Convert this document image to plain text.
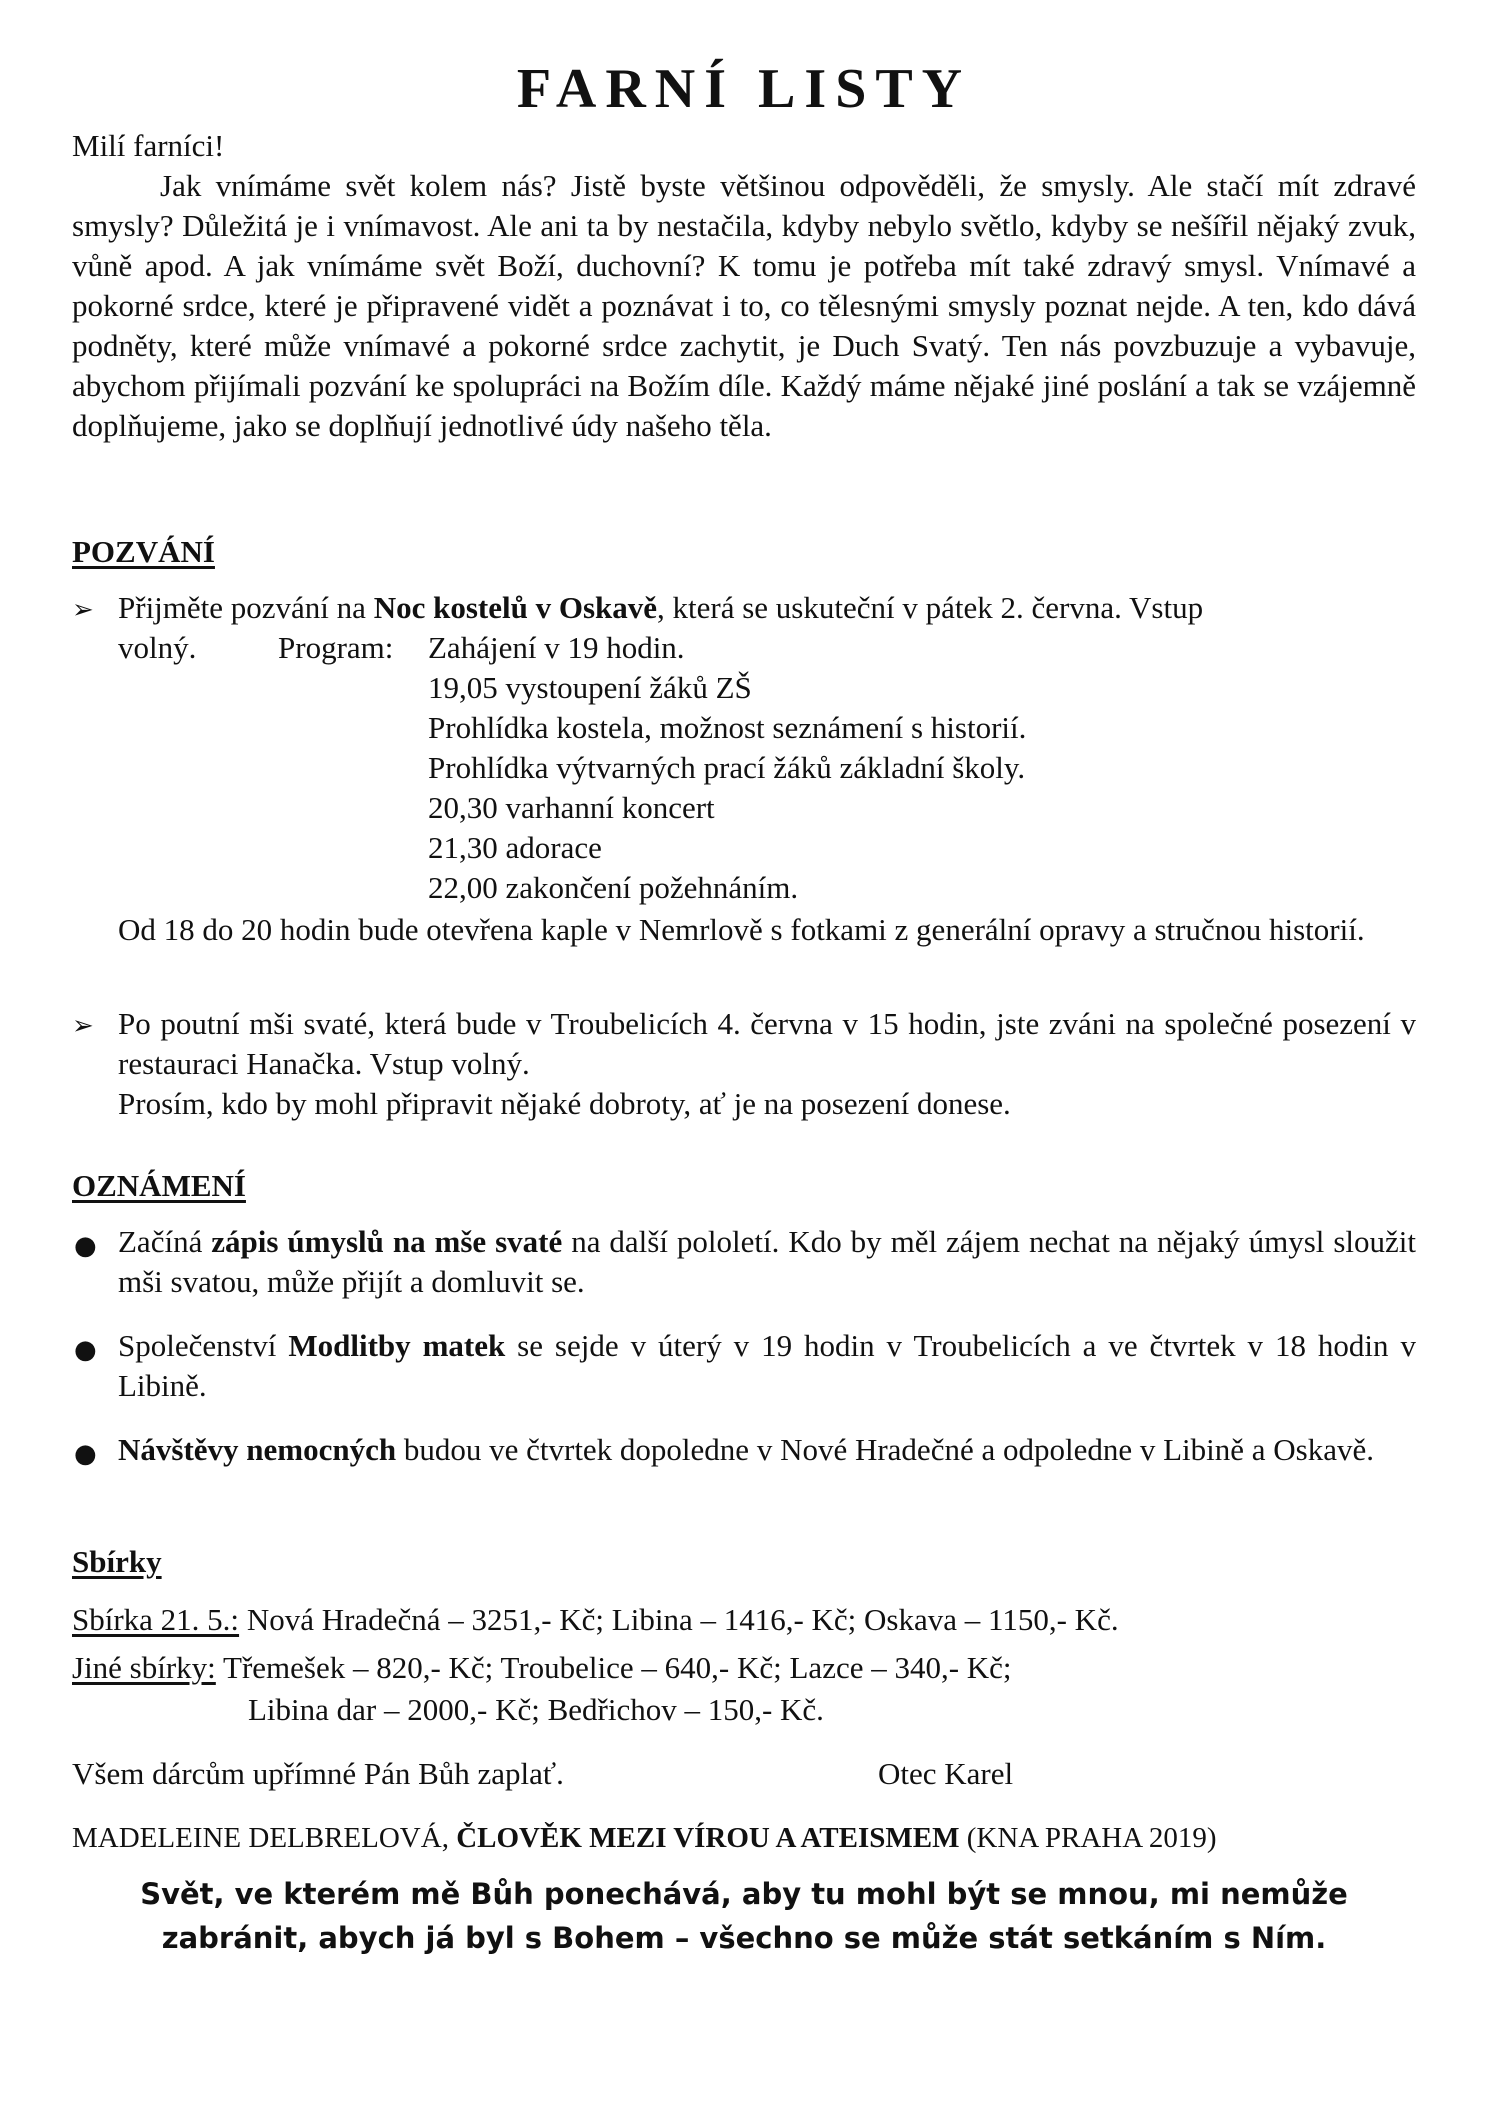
FARNÍ LISTY
Milí farníci!
Jak vnímáme svět kolem nás? Jistě byste většinou odpověděli, že smysly. Ale stačí mít zdravé smysly? Důležitá je i vnímavost. Ale ani ta by nestačila, kdyby nebylo světlo, kdyby se nešířil nějaký zvuk, vůně apod. A jak vnímáme svět Boží, duchovní? K tomu je potřeba mít také zdravý smysl. Vnímavé a pokorné srdce, které je připravené vidět a poznávat i to, co tělesnými smysly poznat nejde. A ten, kdo dává podněty, které může vnímavé a pokorné srdce zachytit, je Duch Svatý. Ten nás povzbuzuje a vybavuje, abychom přijímali pozvání ke spolupráci na Božím díle. Každý máme nějaké jiné poslání a tak se vzájemně doplňujeme, jako se doplňují jednotlivé údy našeho těla.
POZVÁNÍ
➢ Přijměte pozvání na Noc kostelů v Oskavě, která se uskuteční v pátek 2. června. Vstup
volný.	Program: Zahájení v 19 hodin.
19,05 vystoupení žáků ZŠ
Prohlídka kostela, možnost seznámení s historií.
Prohlídka výtvarných prací žáků základní školy.
20,30 varhanní koncert
21,30 adorace
22,00 zakončení požehnáním.
Od 18 do 20 hodin bude otevřena kaple v Nemrlově s fotkami z generální opravy a stručnou historií.
➢ Po poutní mši svaté, která bude v Troubelicích 4. června v 15 hodin, jste zváni na společné posezení v restauraci Hanačka. Vstup volný.
Prosím, kdo by mohl připravit nějaké dobroty, ať je na posezení donese.
OZNÁMENÍ
● Začíná zápis úmyslů na mše svaté na další pololetí. Kdo by měl zájem nechat na nějaký úmysl sloužit mši svatou, může přijít a domluvit se.
● Společenství Modlitby matek se sejde v úterý v 19 hodin v Troubelicích a ve čtvrtek v 18 hodin v Libině.
● Návštěvy nemocných budou ve čtvrtek dopoledne v Nové Hradečné a odpoledne v Libině a Oskavě.
Sbírky
Sbírka 21. 5.: Nová Hradečná – 3251,- Kč; Libina – 1416,- Kč; Oskava – 1150,- Kč.
Jiné sbírky: Třemešek – 820,- Kč; Troubelice – 640,- Kč; Lazce – 340,- Kč;
Libina dar – 2000,- Kč; Bedřichov – 150,- Kč.
Všem dárcům upřímné Pán Bůh zaplať.	Otec Karel
MADELEINE DELBRELOVÁ, ČLOVĚK MEZI VÍROU A ATEISMEM (KNA PRAHA 2019)
Svět, ve kterém mě Bůh ponechává, aby tu mohl být se mnou, mi nemůže zabránit, abych já byl s Bohem – všechno se může stát setkáním s Ním.
